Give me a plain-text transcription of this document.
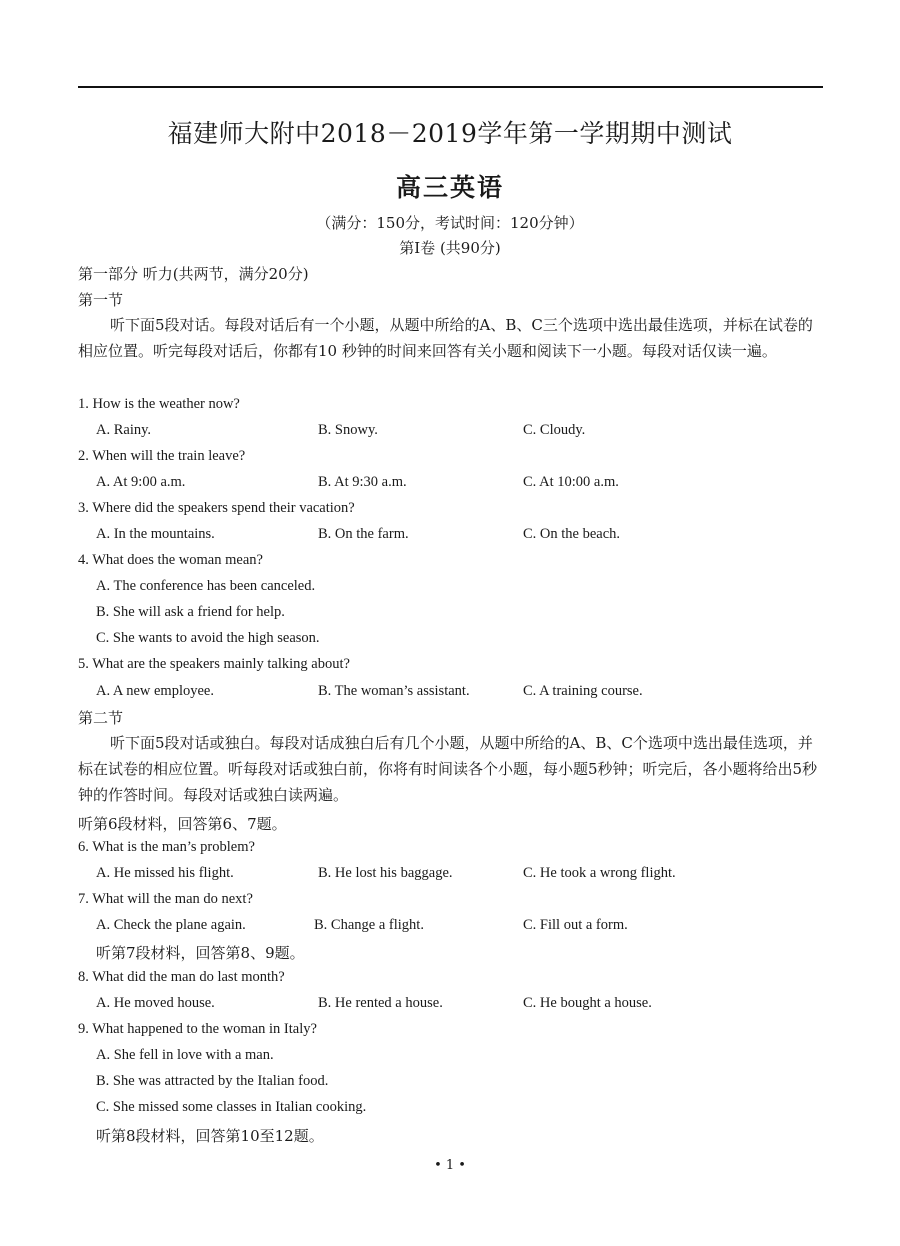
福建师大附中2018－2019学年第一学期期中测试
高三英语
（满分：150分，考试时间：120分钟）
第Ⅰ卷 (共90分)
第一部分 听力(共两节，满分20分)
第一节
听下面5段对话。每段对话后有一个小题，从题中所给的A、B、C三个选项中选出最佳选项，并标在试卷的相应位置。听完每段对话后，你都有10 秒钟的时间来回答有关小题和阅读下一小题。每段对话仅读一遍。
1. How is the weather now?
A. Rainy.	B. Snowy.	C. Cloudy.
2. When will the train leave?
A. At 9:00 a.m.	B. At 9:30 a.m.	C. At 10:00 a.m.
3. Where did the speakers spend their vacation?
A. In the mountains.	B. On the farm.	C. On the beach.
4. What does the woman mean?
A. The conference has been canceled.
B. She will ask a friend for help.
C. She wants to avoid the high season.
5. What are the speakers mainly talking about?
A. A new employee.	B. The woman’s assistant.	C. A training course.
第二节
听下面5段对话或独白。每段对话成独白后有几个小题，从题中所给的A、B、C个选项中选出最佳选项，并标在试卷的相应位置。听每段对话或独白前，你将有时间读各个小题，每小题5秒钟；听完后，各小题将给出5秒钟的作答时间。每段对话或独白读两遍。
听第6段材料，回答第6、7题。
6. What is the man’s problem?
A. He missed his flight.	B. He lost his baggage.	C. He took a wrong flight.
7. What will the man do next?
A. Check the plane again.	B. Change a flight.	C. Fill out a form.
听第7段材料，回答第8、9题。
8. What did the man do last month?
A. He moved house.	B. He rented a house.	C. He bought a house.
9. What happened to the woman in Italy?
A. She fell in love with a man.
B. She was attracted by the Italian food.
C. She missed some classes in Italian cooking.
听第8段材料，回答第10至12题。
• 1 •
